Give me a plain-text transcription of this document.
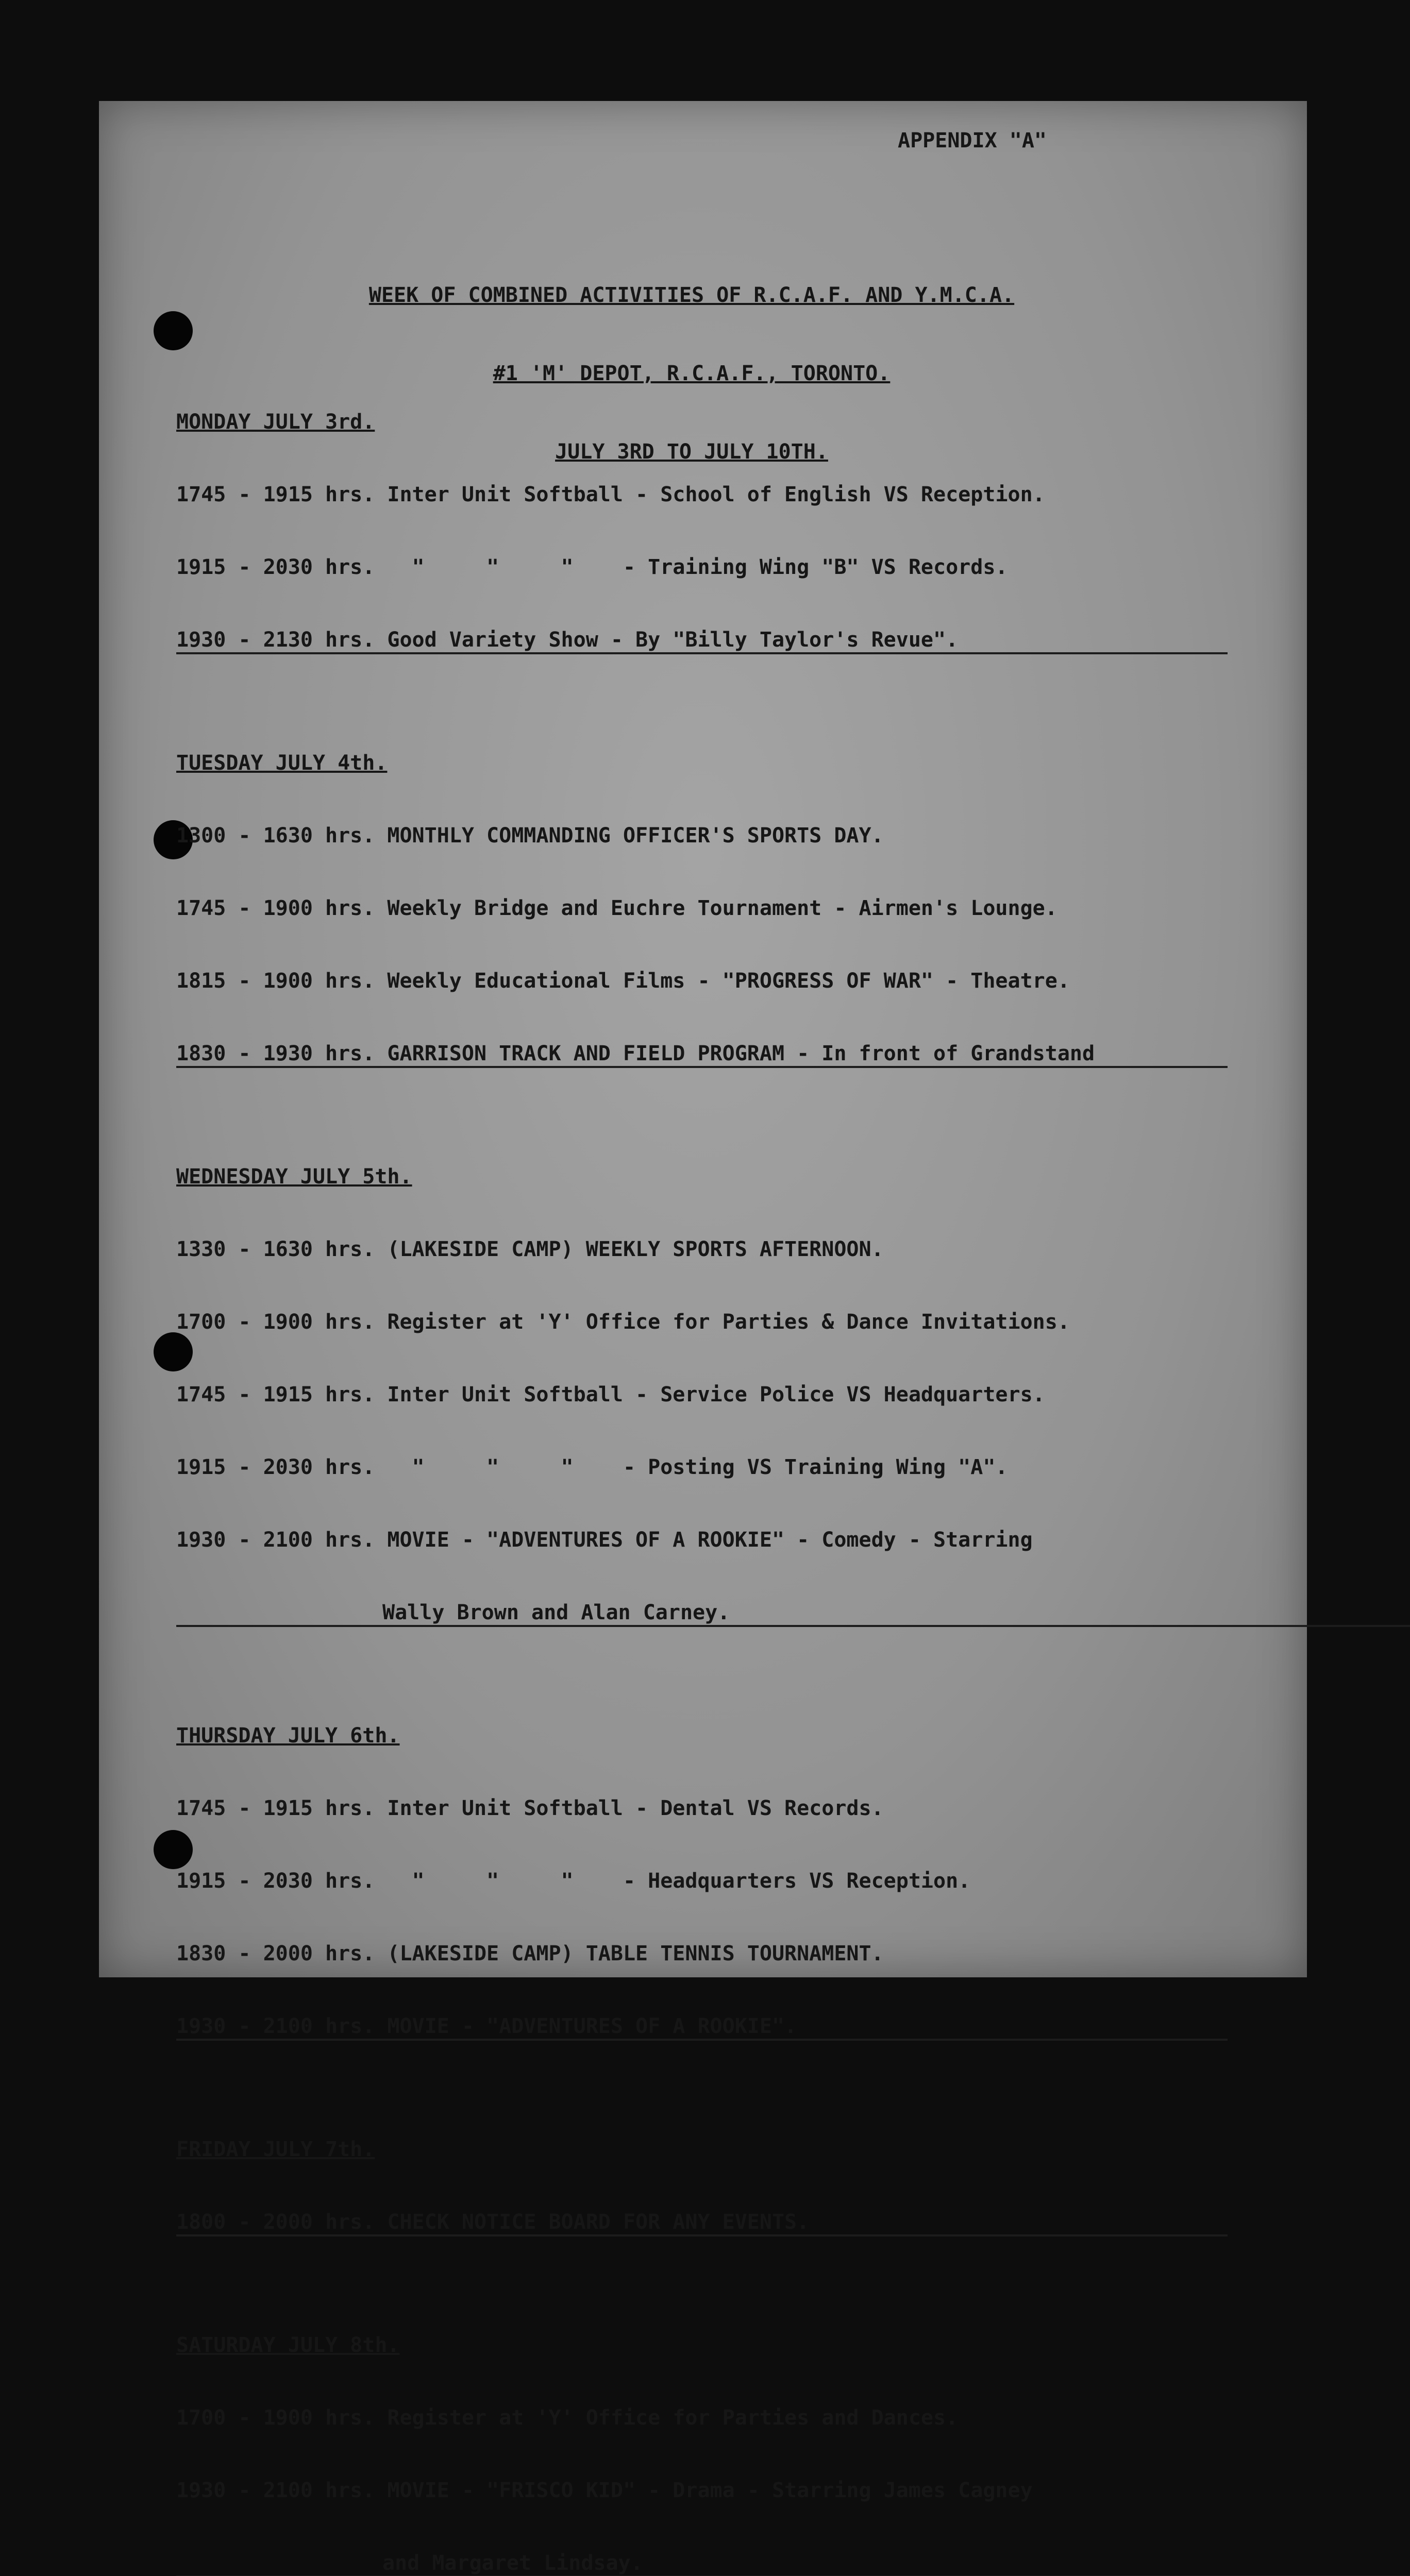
APPENDIX "A"

WEEK OF COMBINED ACTIVITIES OF R.C.A.F. AND Y.M.C.A.

#1 'M' DEPOT, R.C.A.F., TORONTO.

JULY 3RD TO JULY 10TH.

MONDAY JULY 3rd.

1745 - 1915 hrs. Inter Unit Softball - School of English VS Reception.

1915 - 2030 hrs.   "     "     "    - Training Wing "B" VS Records.

1930 - 2130 hrs. Good Variety Show - By "Billy Taylor's Revue".

TUESDAY JULY 4th.

1300 - 1630 hrs. MONTHLY COMMANDING OFFICER'S SPORTS DAY.

1745 - 1900 hrs. Weekly Bridge and Euchre Tournament - Airmen's Lounge.

1815 - 1900 hrs. Weekly Educational Films - "PROGRESS OF WAR" - Theatre.

1830 - 1930 hrs. GARRISON TRACK AND FIELD PROGRAM - In front of Grandstand

WEDNESDAY JULY 5th.

1330 - 1630 hrs. (LAKESIDE CAMP) WEEKLY SPORTS AFTERNOON.

1700 - 1900 hrs. Register at 'Y' Office for Parties & Dance Invitations.

1745 - 1915 hrs. Inter Unit Softball - Service Police VS Headquarters.

1915 - 2030 hrs.   "     "     "    - Posting VS Training Wing "A".

1930 - 2100 hrs. MOVIE - "ADVENTURES OF A ROOKIE" - Comedy - Starring

Wally Brown and Alan Carney.

THURSDAY JULY 6th.

1745 - 1915 hrs. Inter Unit Softball - Dental VS Records.

1915 - 2030 hrs.   "     "     "    - Headquarters VS Reception.

1830 - 2000 hrs. (LAKESIDE CAMP) TABLE TENNIS TOURNAMENT.

1930 - 2100 hrs. MOVIE - "ADVENTURES OF A ROOKIE".

FRIDAY JULY 7th.

1800 - 2000 hrs. CHECK NOTICE BOARD FOR ANY EVENTS.

SATURDAY JULY 8th.

1700 - 1900 hrs. Register at 'Y' Office for Parties and Dances.

1930 - 2100 hrs. MOVIE - "FRISCO KID" - Drama - Starring James Cagney

and Margaret Lindsay.
